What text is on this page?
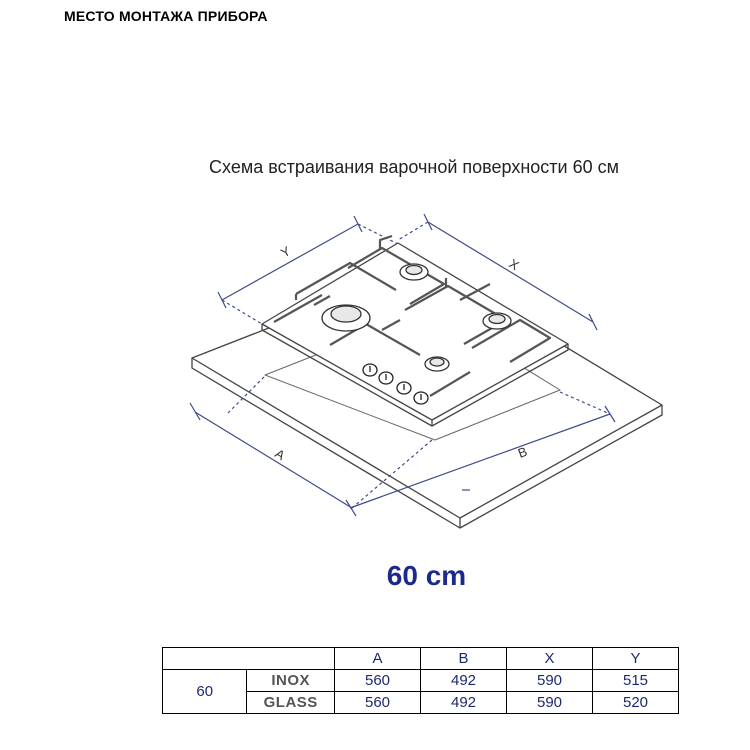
МЕСТО МОНТАЖА ПРИБОРА
Схема встраивания варочной поверхности 60 см
A	B
Y
X
60 cm
		A	B	X	Y
60	INOX	560	492	590	515
	GLASS	560	492	590	520
